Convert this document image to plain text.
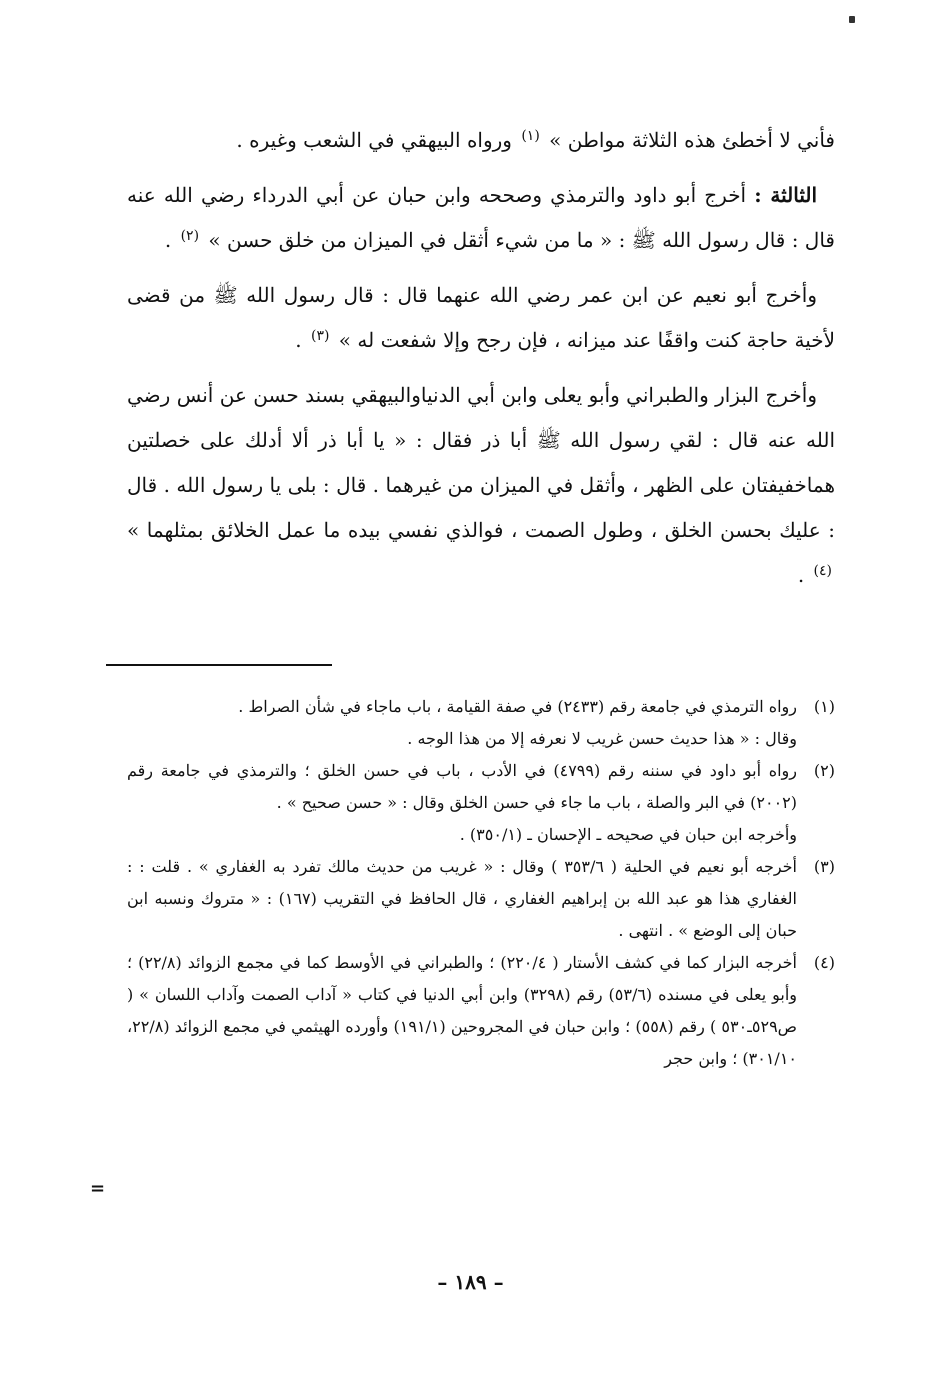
فأني لا أخطئ هذه الثلاثة مواطن » $^{(١)}$ ورواه البيهقي في الشعب وغيره .

الثالثة : أخرج أبو داود والترمذي وصححه وابن حبان عن أبي الدرداء رضي الله عنه قال : قال رسول الله ﷺ : « ما من شيء أثقل في الميزان من خلق حسن » $^{(٢)}$ .

وأخرج أبو نعيم عن ابن عمر رضي الله عنهما قال : قال رسول الله ﷺ من قضى لأخية حاجة كنت واقفًا عند ميزانه ، فإن رجح وإلا شفعت له » $^{(٣)}$ .

وأخرج البزار والطبراني وأبو يعلى وابن أبي الدنياوالبيهقي بسند حسن عن أنس رضي الله عنه قال : لقي رسول الله ﷺ أبا ذر فقال : « يا أبا ذر ألا أدلك على خصلتين هماخفيفتان على الظهر ، وأثقل في الميزان من غيرهما . قال : بلى يا رسول الله . قال : عليك بحسن الخلق ، وطول الصمت ، فوالذي نفسي بيده ما عمل الخلائق بمثلهما » $^{(٤)}$ .

(١)

رواه الترمذي في جامعة رقم (٢٤٣٣) في صفة القيامة ، باب ماجاء في شأن الصراط .

وقال : « هذا حديث حسن غريب لا نعرفه إلا من هذا الوجه .

(٢)

رواه أبو داود في سننه رقم (٤٧٩٩) في الأدب ، باب في حسن الخلق ؛ والترمذي في جامعة رقم (٢٠٠٢) في البر والصلة ، باب ما جاء في حسن الخلق وقال : « حسن صحيح » .

وأخرجه ابن حبان في صحيحه ـ الإحسان ـ (٣٥٠/١) .

(٣)

أخرجه أبو نعيم في الحلية ( ٣٥٣/٦ ) وقال : « غريب من حديث مالك تفرد به الغفاري » . قلت : : الغفاري هذا هو عبد الله بن إبراهيم الغفاري ، قال الحافظ في التقريب (١٦٧) : « متروك ونسبه ابن حبان إلى الوضع » . انتهى .

(٤)

أخرجه البزار كما في كشف الأستار ( ٢٢٠/٤) ؛ والطبراني في الأوسط كما في مجمع الزوائد (٢٢/٨) ؛ وأبو يعلى في مسنده (٥٣/٦) رقم (٣٢٩٨) وابن أبي الدنيا في كتاب « آداب الصمت وآداب اللسان » ( ص٥٢٩ـ٥٣٠ ) رقم (٥٥٨) ؛ وابن حبان في المجروحين (١٩١/١) وأورده الهيثمي في مجمع الزوائد (٢٢/٨، ٣٠١/١٠) ؛ وابن حجر

=
– ١٨٩ –
